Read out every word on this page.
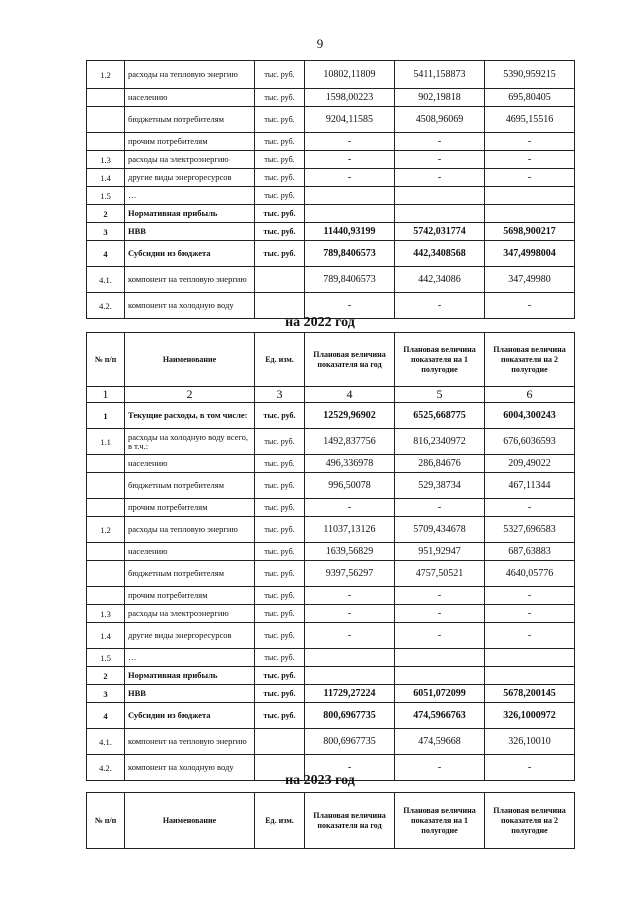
9
1.2	расходы на тепловую энергию	тыс. руб.	10802,11809	5411,158873	5390,959215
	населению	тыс. руб.	1598,00223	902,19818	695,80405
	бюджетным потребителям	тыс. руб.	9204,11585	4508,96069	4695,15516
	прочим потребителям	тыс. руб.	-	-	-
1.3	расходы на электроэнергию	тыс. руб.	-	-	-
1.4	другие виды энергоресурсов	тыс. руб.	-	-	-
1.5	…	тыс. руб.			
2	Нормативная прибыль	тыс. руб.			
3	НВВ	тыс. руб.	11440,93199	5742,031774	5698,900217
4	Субсидии из бюджета	тыс. руб.	789,8406573	442,3408568	347,4998004
4.1.	компонент на тепловую энергию		789,8406573	442,34086	347,49980
4.2.	компонент на холодную воду		-	-	-
на 2022 год
№ п/п	Наименование	Ед. изм.	Плановая величина показателя на год	Плановая величина показателя на 1 полугодие	Плановая величина показателя на 2 полугодие
1	2	3	4	5	6
1	Текущие расходы, в том числе:	тыс. руб.	12529,96902	6525,668775	6004,300243
1.1	расходы на холодную воду всего, в т.ч.:	тыс. руб.	1492,837756	816,2340972	676,6036593
	населению	тыс. руб.	496,336978	286,84676	209,49022
	бюджетным потребителям	тыс. руб.	996,50078	529,38734	467,11344
	прочим потребителям	тыс. руб.	-	-	-
1.2	расходы на тепловую энергию	тыс. руб.	11037,13126	5709,434678	5327,696583
	населению	тыс. руб.	1639,56829	951,92947	687,63883
	бюджетным потребителям	тыс. руб.	9397,56297	4757,50521	4640,05776
	прочим потребителям	тыс. руб.	-	-	-
1.3	расходы на электроэнергию	тыс. руб.	-	-	-
1.4	другие виды энергоресурсов	тыс. руб.	-	-	-
1.5	…	тыс. руб.			
2	Нормативная прибыль	тыс. руб.			
3	НВВ	тыс. руб.	11729,27224	6051,072099	5678,200145
4	Субсидии из бюджета	тыс. руб.	800,6967735	474,5966763	326,1000972
4.1.	компонент на тепловую энергию		800,6967735	474,59668	326,10010
4.2.	компонент на холодную воду		-	-	-
на 2023 год
№ п/п	Наименование	Ед. изм.	Плановая величина показателя на год	Плановая величина показателя на 1 полугодие	Плановая величина показателя на 2 полугодие
